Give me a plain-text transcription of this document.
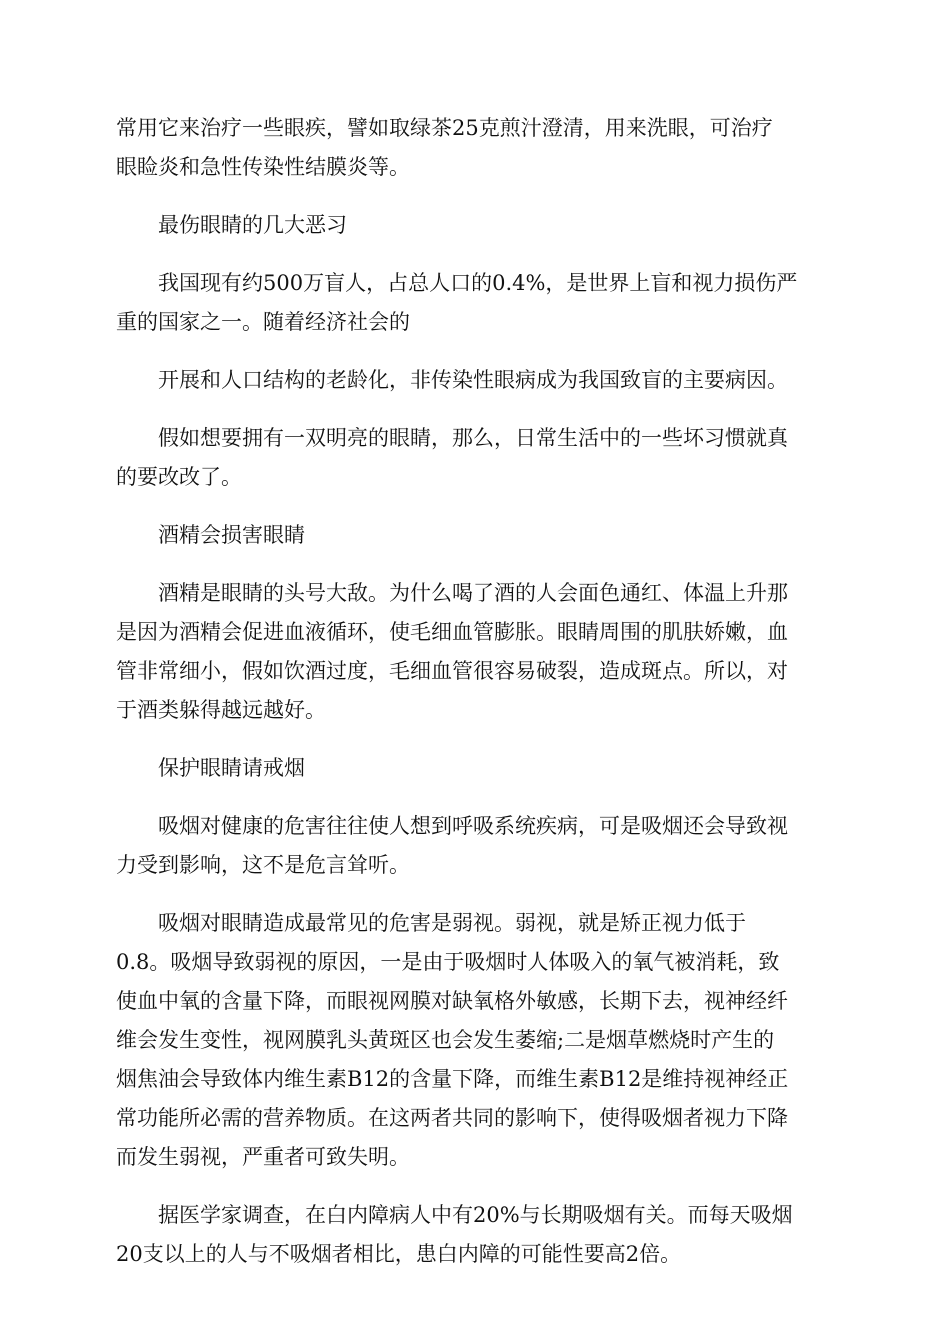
常用它来治疗一些眼疾，譬如取绿茶25克煎汁澄清，用来洗眼，可治疗
眼睑炎和急性传染性结膜炎等。
最伤眼睛的几大恶习
我国现有约500万盲人，占总人口的0.4%，是世界上盲和视力损伤严
重的国家之一。随着经济社会的
开展和人口结构的老龄化，非传染性眼病成为我国致盲的主要病因。
假如想要拥有一双明亮的眼睛，那么，日常生活中的一些坏习惯就真
的要改改了。
酒精会损害眼睛
酒精是眼睛的头号大敌。为什么喝了酒的人会面色通红、体温上升那
是因为酒精会促进血液循环，使毛细血管膨胀。眼睛周围的肌肤娇嫩，血
管非常细小，假如饮酒过度，毛细血管很容易破裂，造成斑点。所以，对
于酒类躲得越远越好。
保护眼睛请戒烟
吸烟对健康的危害往往使人想到呼吸系统疾病，可是吸烟还会导致视
力受到影响，这不是危言耸听。
吸烟对眼睛造成最常见的危害是弱视。弱视，就是矫正视力低于
0.8。吸烟导致弱视的原因，一是由于吸烟时人体吸入的氧气被消耗，致
使血中氧的含量下降，而眼视网膜对缺氧格外敏感，长期下去，视神经纤
维会发生变性，视网膜乳头黄斑区也会发生萎缩;二是烟草燃烧时产生的
烟焦油会导致体内维生素B12的含量下降，而维生素B12是维持视神经正
常功能所必需的营养物质。在这两者共同的影响下，使得吸烟者视力下降
而发生弱视，严重者可致失明。
据医学家调查，在白内障病人中有20%与长期吸烟有关。而每天吸烟
20支以上的人与不吸烟者相比，患白内障的可能性要高2倍。
